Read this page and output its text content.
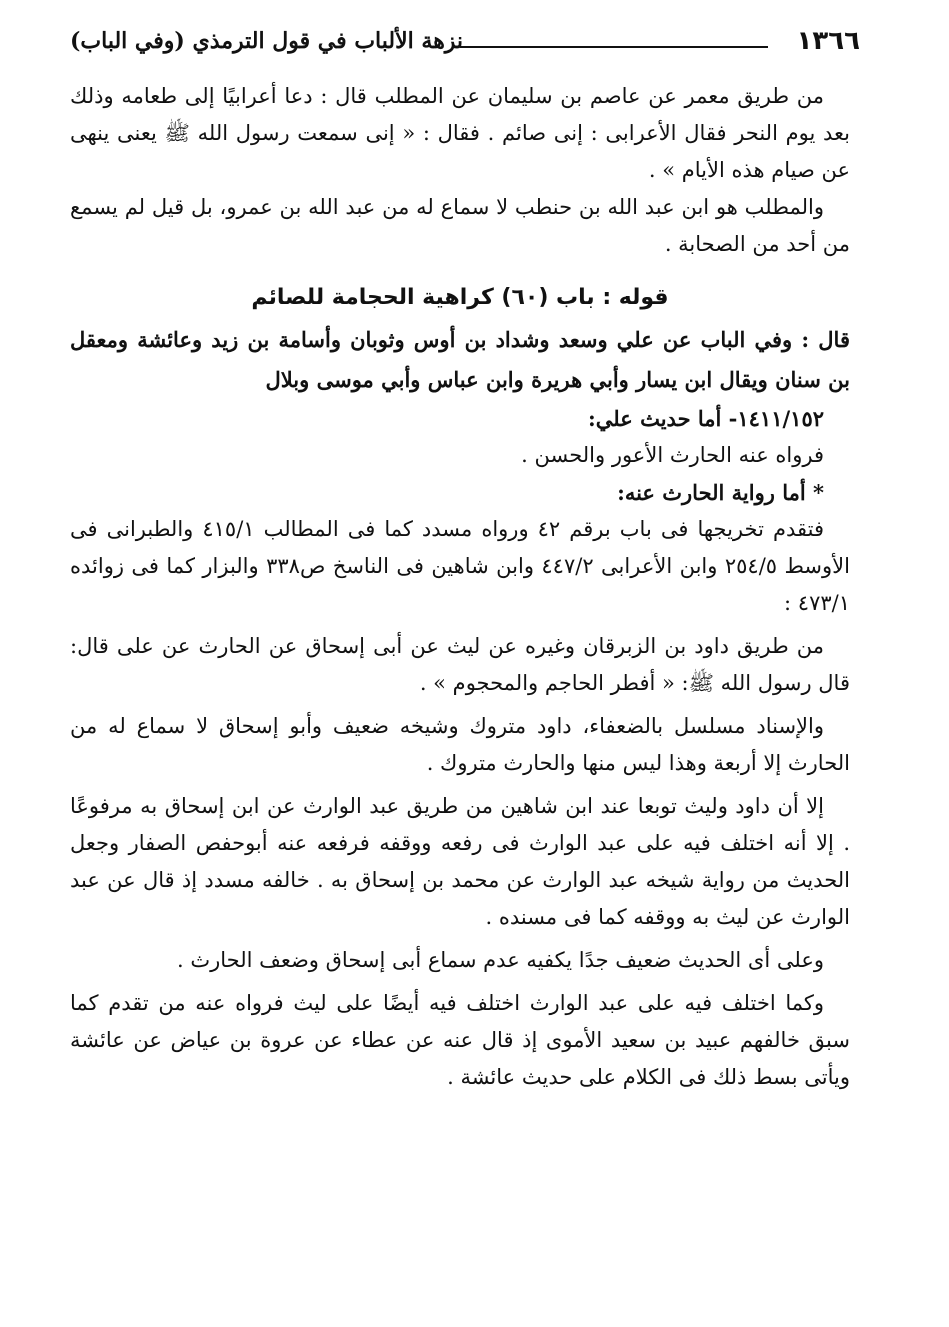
١٣٦٦
نزهة الألباب في قول الترمذي (وفي الباب)

من طريق معمر عن عاصم بن سليمان عن المطلب قال : دعا أعرابيًا إلى طعامه وذلك بعد يوم النحر فقال الأعرابى : إنى صائم . فقال : « إنى سمعت رسول الله ﷺ يعنى ينهى عن صيام هذه الأيام » .

والمطلب هو ابن عبد الله بن حنطب لا سماع له من عبد الله بن عمرو، بل قيل لم يسمع من أحد من الصحابة .

قوله : باب (٦٠) كراهية الحجامة للصائم

قال : وفي الباب عن علي وسعد وشداد بن أوس وثوبان وأسامة بن زيد وعائشة ومعقل بن سنان ويقال ابن يسار وأبي هريرة وابن عباس وأبي موسى وبلال

١٤١١/١٥٢- أما حديث علي:

فرواه عنه الحارث الأعور والحسن .

* أما رواية الحارث عنه:

فتقدم تخريجها فى باب برقم ٤٢ ورواه مسدد كما فى المطالب ٤١٥/١ والطبرانى فى الأوسط ٢٥٤/٥ وابن الأعرابى ٤٤٧/٢ وابن شاهين فى الناسخ ص٣٣٨ والبزار كما فى زوائده ٤٧٣/١ :

من طريق داود بن الزبرقان وغيره عن ليث عن أبى إسحاق عن الحارث عن على قال: قال رسول الله ﷺ: « أفطر الحاجم والمحجوم » .

والإسناد مسلسل بالضعفاء، داود متروك وشيخه ضعيف وأبو إسحاق لا سماع له من الحارث إلا أربعة وهذا ليس منها والحارث متروك .

إلا أن داود وليث توبعا عند ابن شاهين من طريق عبد الوارث عن ابن إسحاق به مرفوعًا . إلا أنه اختلف فيه على عبد الوارث فى رفعه ووقفه فرفعه عنه أبوحفص الصفار وجعل الحديث من رواية شيخه عبد الوارث عن محمد بن إسحاق به . خالفه مسدد إذ قال عن عبد الوارث عن ليث به ووقفه كما فى مسنده .

وعلى أى الحديث ضعيف جدًا يكفيه عدم سماع أبى إسحاق وضعف الحارث .

وكما اختلف فيه على عبد الوارث اختلف فيه أيضًا على ليث فرواه عنه من تقدم كما سبق خالفهم عبيد بن سعيد الأموى إذ قال عنه عن عطاء عن عروة بن عياض عن عائشة ويأتى بسط ذلك فى الكلام على حديث عائشة .
